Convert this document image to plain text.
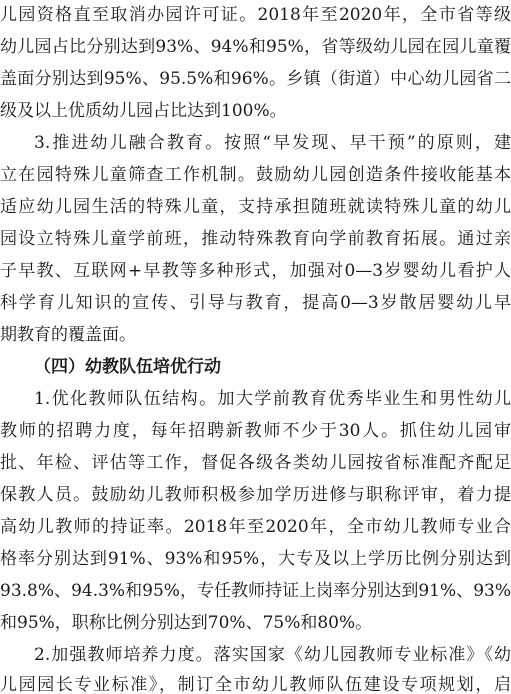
儿园资格直至取消办园许可证。2018年至2020年，全市省等级
幼儿园占比分别达到93%、94%和95%，省等级幼儿园在园儿童覆
盖面分别达到95%、95.5%和96%。乡镇（街道）中心幼儿园省二
级及以上优质幼儿园占比达到100%。
3.推进幼儿融合教育。按照“早发现、早干预”的原则，建
立在园特殊儿童筛查工作机制。鼓励幼儿园创造条件接收能基本
适应幼儿园生活的特殊儿童，支持承担随班就读特殊儿童的幼儿
园设立特殊儿童学前班，推动特殊教育向学前教育拓展。通过亲
子早教、互联网+早教等多种形式，加强对0—3岁婴幼儿看护人
科学育儿知识的宣传、引导与教育，提高0—3岁散居婴幼儿早
期教育的覆盖面。
（四）幼教队伍培优行动
1.优化教师队伍结构。加大学前教育优秀毕业生和男性幼儿
教师的招聘力度，每年招聘新教师不少于30人。抓住幼儿园审
批、年检、评估等工作，督促各级各类幼儿园按省标准配齐配足
保教人员。鼓励幼儿教师积极参加学历进修与职称评审，着力提
高幼儿教师的持证率。2018年至2020年，全市幼儿教师专业合
格率分别达到91%、93%和95%，大专及以上学历比例分别达到
93.8%、94.3%和95%，专任教师持证上岗率分别达到91%、93%
和95%，职称比例分别达到70%、75%和80%。
2.加强教师培养力度。落实国家《幼儿园教师专业标准》《幼
儿园园长专业标准》，制订全市幼儿教师队伍建设专项规划，启
